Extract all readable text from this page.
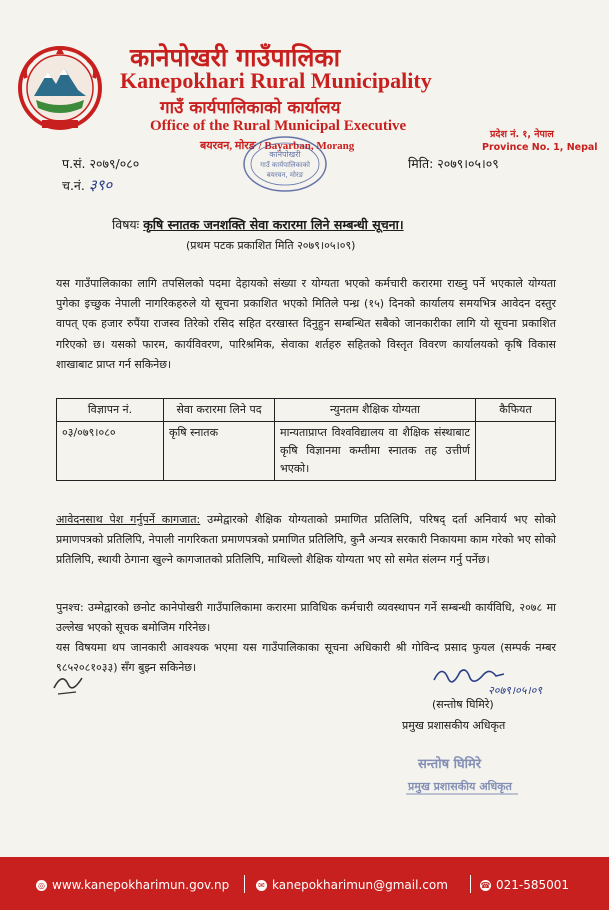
कानेपोखरी गाउँपालिका
Kanepokhari Rural Municipality
गाउँ कार्यपालिकाको कार्यालय
Office of the Rural Municipal Executive
बयरवन, मोरङ / Bayarban, Morang
प्रदेश नं. १, नेपाल
Province No. 1, Nepal
कानेपोखरी
गाउँ कार्यपालिकाको
बयरवन, मोरङ
प.सं. २०७९/०८०
च.नं. ३९०
मिति: २०७९।०५।०९
विषयः कृषि स्नातक जनशक्ति सेवा करारमा लिने सम्बन्धी सूचना।
(प्रथम पटक प्रकाशित मिति २०७९।०५।०९)
यस गाउँपालिकाका लागि तपसिलको पदमा देहायको संख्या र योग्यता भएको कर्मचारी करारमा राख्नु पर्ने भएकाले योग्यता पुगेका इच्छुक नेपाली नागरिकहरुले यो सूचना प्रकाशित भएको मितिले पन्ध्र (१५) दिनको कार्यालय समयभित्र आवेदन दस्तुर वापत् एक हजार रुपैंया राजस्व तिरेको रसिद सहित दरखास्त दिनुहुन सम्बन्धित सबैको जानकारीका लागि यो सूचना प्रकाशित गरिएको छ। यसको फारम, कार्यविवरण, पारिश्रमिक, सेवाका शर्तहरु सहितको विस्तृत विवरण कार्यालयको कृषि विकास शाखाबाट प्राप्त गर्न सकिनेछ।
विज्ञापन नं.	सेवा करारमा लिने पद	न्युनतम शैक्षिक योग्यता	कैफियत
०३/०७९।०८०	कृषि स्नातक	मान्यताप्राप्त विश्वविद्यालय वा शैक्षिक संस्थाबाट कृषि विज्ञानमा कम्तीमा स्नातक तह उत्तीर्ण भएको।	
आवेदनसाथ पेश गर्नुपर्ने कागजात: उम्मेद्वारको शैक्षिक योग्यताको प्रमाणित प्रतिलिपि, परिषद् दर्ता अनिवार्य भए सोको प्रमाणपत्रको प्रतिलिपि, नेपाली नागरिकता प्रमाणपत्रको प्रमाणित प्रतिलिपि, कुनै अन्यत्र सरकारी निकायमा काम गरेको भए सोको प्रतिलिपि, स्थायी ठेगाना खुल्ने कागजातको प्रतिलिपि, माथिल्लो शैक्षिक योग्यता भए सो समेत संलग्न गर्नु पर्नेछ।
पुनश्च: उम्मेद्वारको छनोट कानेपोखरी गाउँपालिकामा करारमा प्राविधिक कर्मचारी व्यवस्थापन गर्ने सम्बन्धी कार्यविधि, २०७८ मा उल्लेख भएको सूचक बमोजिम गरिनेछ।
यस विषयमा थप जानकारी आवश्यक भएमा यस गाउँपालिकाका सूचना अधिकारी श्री गोविन्द प्रसाद फुयल (सम्पर्क नम्बर ९८५२०८१०३३) सँग बुझ्न सकिनेछ।
२०७९।०५।०९
(सन्तोष घिमिरे)
प्रमुख प्रशासकीय अधिकृत
सन्तोष घिमिरे
प्रमुख प्रशासकीय अधिकृत
◎ www.kanepokharimun.gov.np	✉ kanepokharimun@gmail.com	☎ 021-585001
